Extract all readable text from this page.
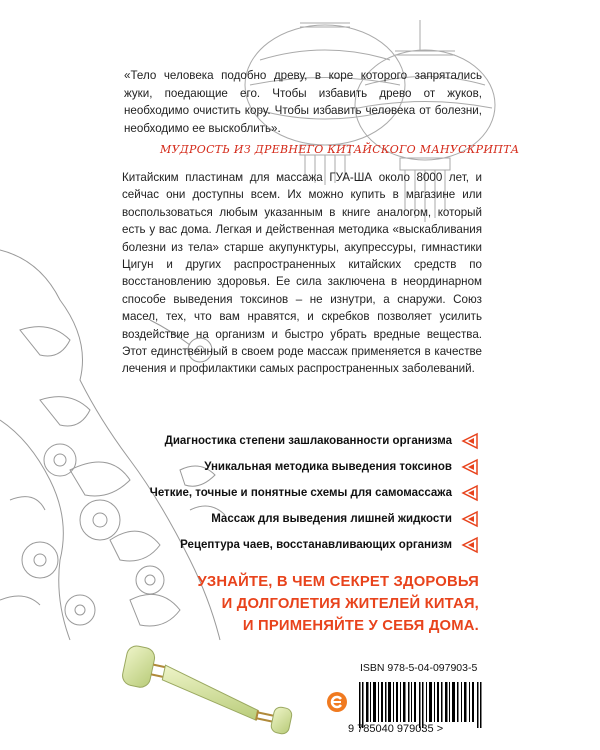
«Тело человека подобно древу, в коре которого запрятались жуки, поедающие его. Чтобы избавить древо от жуков, необходимо очистить кору. Чтобы избавить человека от болезни, необходимо ее выскоблить».
МУДРОСТЬ ИЗ ДРЕВНЕГО КИТАЙСКОГО МАНУСКРИПТА

Китайским пластинам для массажа ГУА-ША около 8000 лет, и сейчас они доступны всем. Их можно купить в магазине или воспользоваться любым указанным в книге аналогом, который есть у вас дома. Легкая и действенная методика «выскабливания болезни из тела» старше акупунктуры, акупрессуры, гимнастики Цигун и других распространенных китайских средств по восстановлению здоровья. Ее сила заключена в неординарном способе выведения токсинов – не изнутри, а снаружи. Союз масел, тех, что вам нравятся, и скребков позволяет усилить воздействие на организм и быстро убрать вредные вещества. Этот единственный в своем роде массаж применяется в качестве лечения и профилактики самых распространенных заболеваний.

Диагностика степени зашлакованности организма
Уникальная методика выведения токсинов
Четкие, точные и понятные схемы для самомассажа
Массаж для выведения лишней жидкости
Рецептура чаев, восстанавливающих организм
УЗНАЙТЕ, В ЧЕМ СЕКРЕТ ЗДОРОВЬЯ
И ДОЛГОЛЕТИЯ ЖИТЕЛЕЙ КИТАЯ,
И ПРИМЕНЯЙТЕ У СЕБЯ ДОМА.
ISBN 978-5-04-097903-5
9 785040 979035 >
